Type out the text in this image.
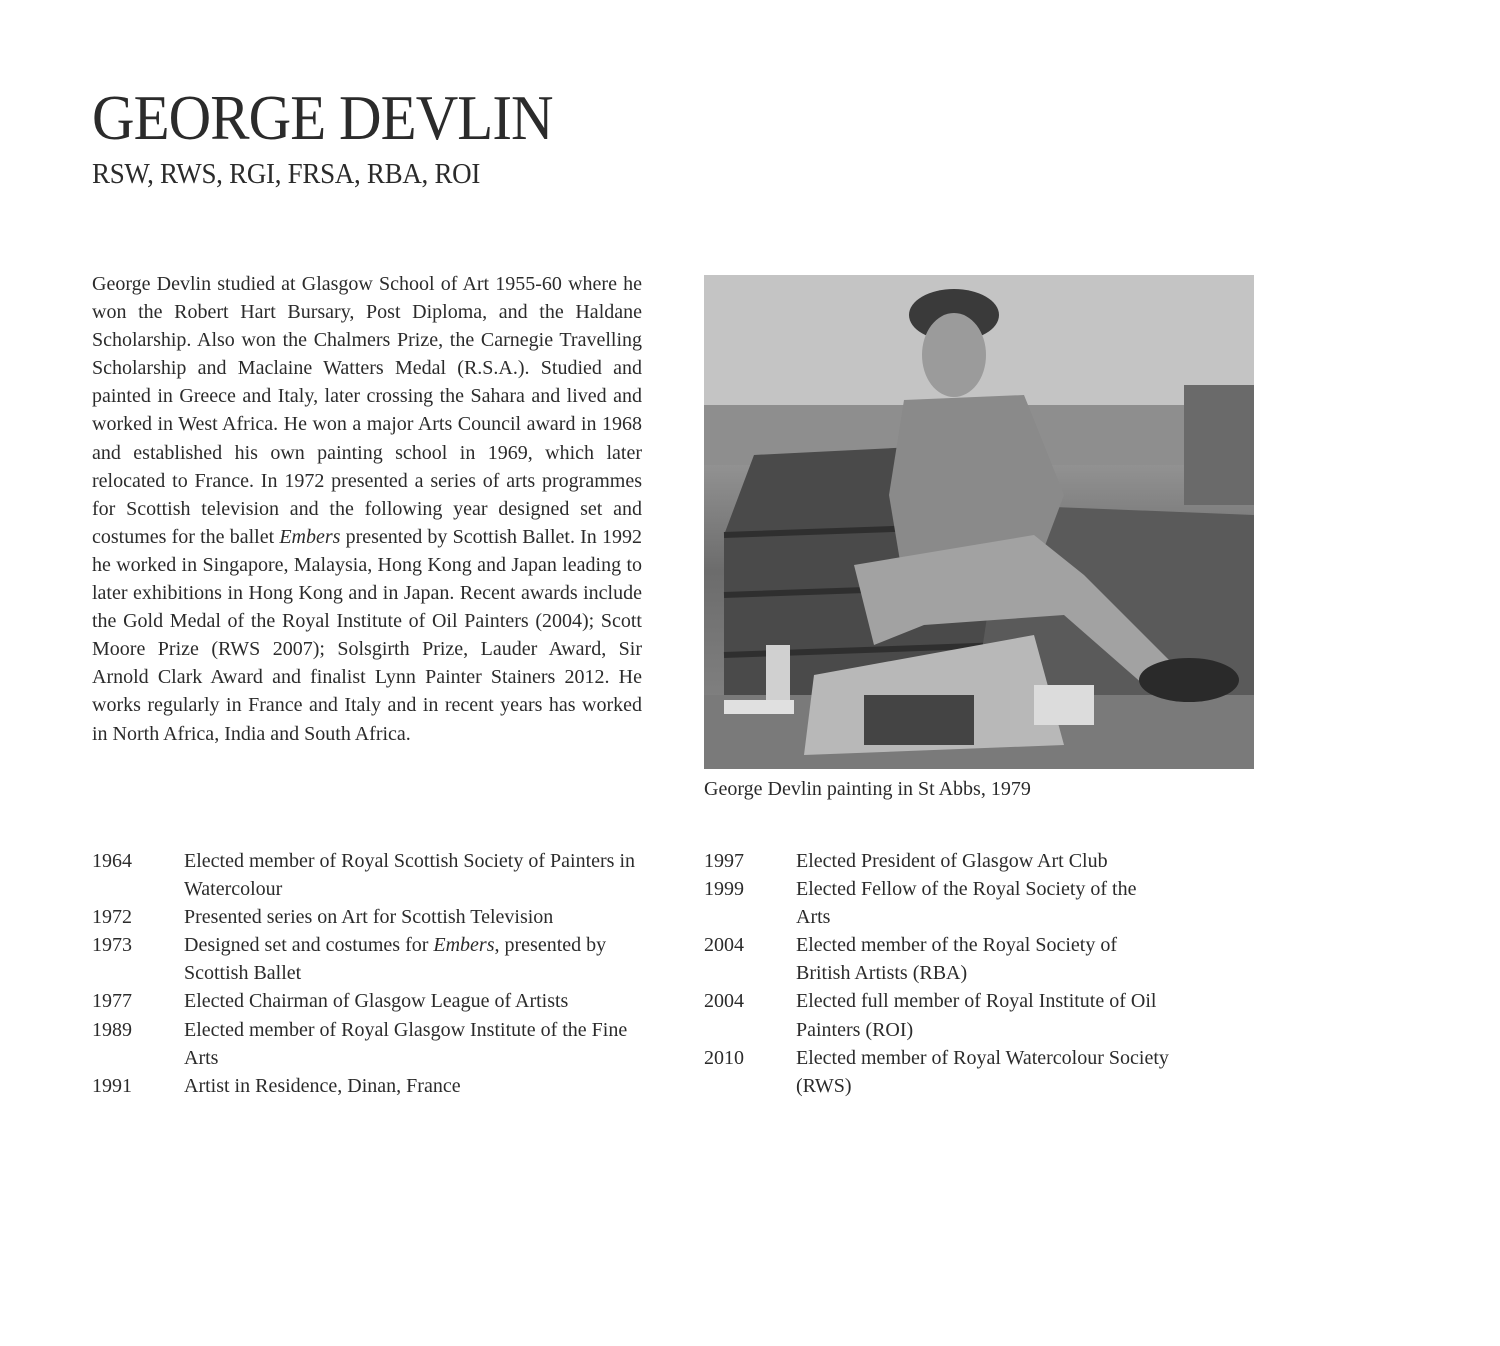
GEORGE DEVLIN
RSW, RWS, RGI, FRSA, RBA, ROI

George Devlin studied at Glasgow School of Art 1955-60 where he won the Robert Hart Bursary, Post Diploma, and the Haldane Scholarship. Also won the Chalmers Prize, the Carnegie Travelling Scholarship and Maclaine Watters Medal (R.S.A.). Studied and painted in Greece and Italy, later crossing the Sahara and lived and worked in West Africa. He won a major Arts Council award in 1968 and established his own painting school in 1969, which later relocated to France. In 1972 presented a series of arts programmes for Scottish television and the following year designed set and costumes for the ballet Embers presented by Scottish Ballet. In 1992 he worked in Singapore, Malaysia, Hong Kong and Japan leading to later exhibitions in Hong Kong and in Japan. Recent awards include the Gold Medal of the Royal Institute of Oil Painters (2004); Scott Moore Prize (RWS 2007); Solsgirth Prize, Lauder Award, Sir Arnold Clark Award and finalist Lynn Painter Stainers 2012. He works regularly in France and Italy and in recent years has worked in North Africa, India and South Africa.

George Devlin painting in St Abbs, 1979
1964	Elected member of Royal Scottish Society of Painters in Watercolour
1972	Presented series on Art for Scottish Television
1973	Designed set and costumes for Embers, presented by Scottish Ballet
1977	Elected Chairman of Glasgow League of Artists
1989	Elected member of Royal Glasgow Institute of the Fine Arts
1991	Artist in Residence, Dinan, France
1997	Elected President of Glasgow Art Club
1999	Elected Fellow of the Royal Society of the Arts
2004	Elected member of the Royal Society of British Artists (RBA)
2004	Elected full member of Royal Institute of Oil Painters (ROI)
2010	Elected member of Royal Watercolour Society (RWS)
